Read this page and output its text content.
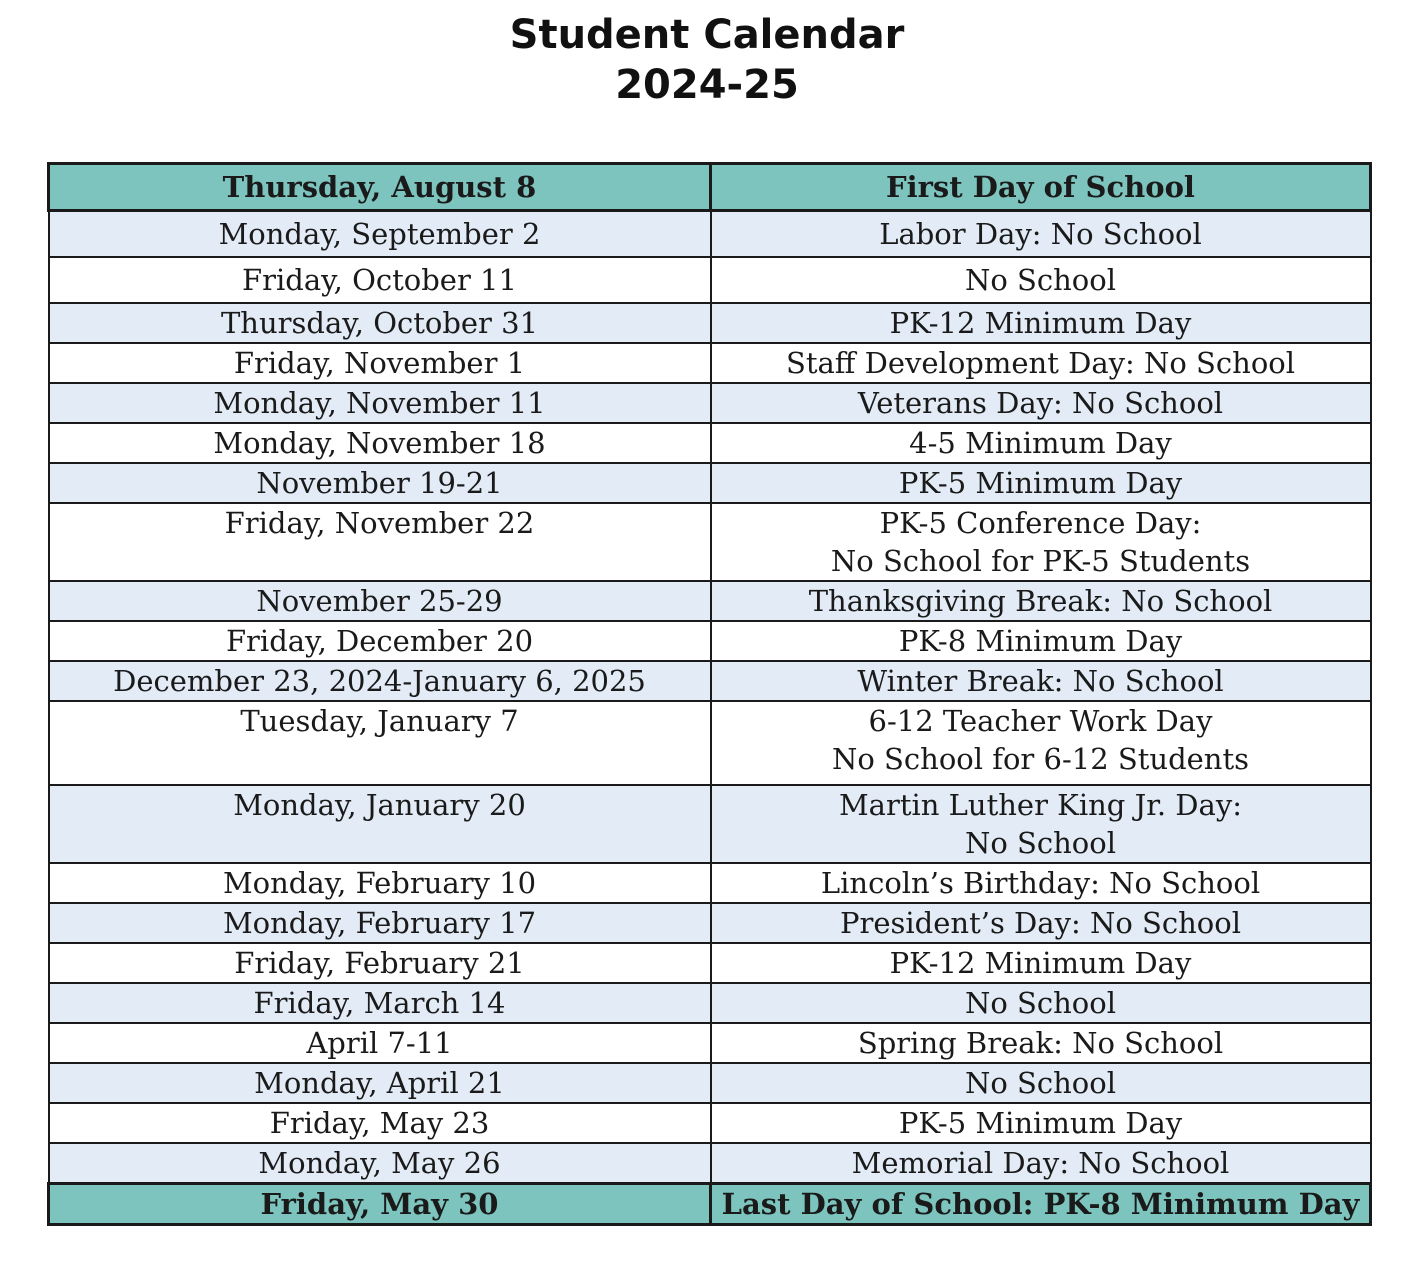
Student Calendar
2024-25
Thursday, August 8	First Day of School
Monday, September 2	Labor Day: No School
Friday, October 11	No School
Thursday, October 31	PK-12 Minimum Day
Friday, November 1	Staff Development Day: No School
Monday, November 11	Veterans Day: No School
Monday, November 18	4-5 Minimum Day
November 19-21	PK-5 Minimum Day
Friday, November 22	PK-5 Conference Day:
No School for PK-5 Students

November 25-29	Thanksgiving Break: No School
Friday, December 20	PK-8 Minimum Day
December 23, 2024-January 6, 2025	Winter Break: No School
Tuesday, January 7	6-12 Teacher Work Day
No School for 6-12 Students

Monday, January 20	Martin Luther King Jr. Day:
No School

Monday, February 10	Lincoln’s Birthday: No School
Monday, February 17	President’s Day: No School
Friday, February 21	PK-12 Minimum Day
Friday, March 14	No School
April 7-11	Spring Break: No School
Monday, April 21	No School
Friday, May 23	PK-5 Minimum Day
Monday, May 26	Memorial Day: No School
Friday, May 30	Last Day of School: PK-8 Minimum Day
